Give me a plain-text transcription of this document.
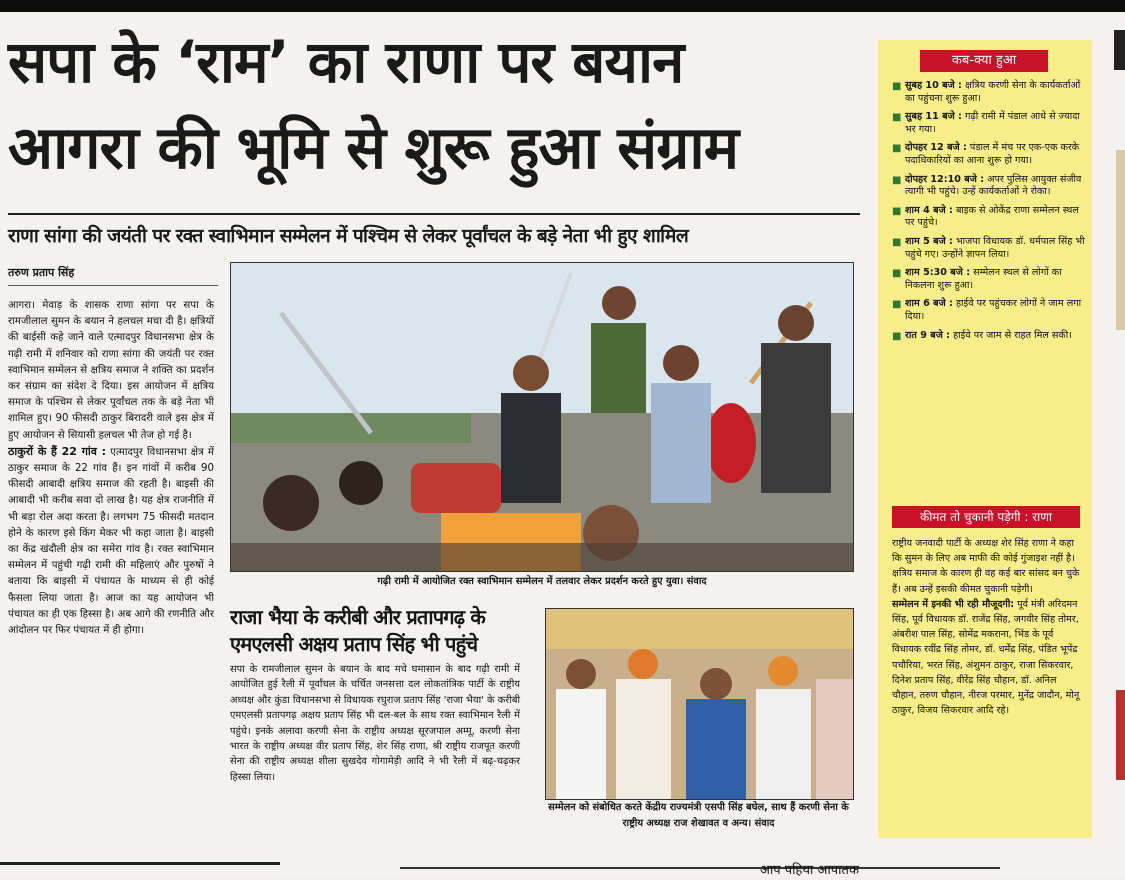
सपा के ‘राम’ का राणा पर बयान
आगरा की भूमि से शुरू हुआ संग्राम
राणा सांगा की जयंती पर रक्त स्वाभिमान सम्मेलन में पश्चिम से लेकर पूर्वांचल के बड़े नेता भी हुए शामिल
तरुण प्रताप सिंह

आगरा। मेवाड़ के शासक राणा सांगा पर सपा के रामजीलाल सुमन के बयान ने हलचल मचा दी है। क्षत्रियों की बाईसी कहे जाने वाले एत्मादपुर विधानसभा क्षेत्र के गढ़ी रामी में शनिवार को राणा सांगा की जयंती पर रक्त स्वाभिमान सम्मेलन से क्षत्रिय समाज ने शक्ति का प्रदर्शन कर संग्राम का संदेश दे दिया। इस आयोजन में क्षत्रिय समाज के पश्चिम से लेकर पूर्वांचल तक के बड़े नेता भी शामिल हुए। 90 फीसदी ठाकुर बिरादरी वाले इस क्षेत्र में हुए आयोजन से सियासी हलचल भी तेज हो गई है।

ठाकुरों के हैं 22 गांव : एत्मादपुर विधानसभा क्षेत्र में ठाकुर समाज के 22 गांव हैं। इन गांवों में करीब 90 फीसदी आबादी क्षत्रिय समाज की रहती है। बाइसी की आबादी भी करीब सवा दो लाख है। यह क्षेत्र राजनीति में भी बड़ा रोल अदा करता है। लगभग 75 फीसदी मतदान होने के कारण इसे किंग मेकर भी कहा जाता है। बाइसी का केंद्र खंदौली क्षेत्र का समेरा गांव है। रक्त स्वाभिमान सम्मेलन में पहुंची गढ़ी रामी की महिलाएं और पुरुषों ने बताया कि बाइसी में पंचायत के माध्यम से ही कोई फैसला लिया जाता है। आज का यह आयोजन भी पंचायत का ही एक हिस्सा है। अब आगे की रणनीति और आंदोलन पर फिर पंचायत में ही होगा।

गढ़ी रामी में आयोजित रक्त स्वाभिमान सम्मेलन में तलवार लेकर प्रदर्शन करते हुए युवा। संवाद
राजा भैया के करीबी और प्रतापगढ़ के एमएलसी अक्षय प्रताप सिंह भी पहुंचे
सपा के रामजीलाल सुमन के बयान के बाद मचे घमासान के बाद गढ़ी रामी में आयोजित हुई रैली में पूर्वांचल के चर्चित जनसत्ता दल लोकतांत्रिक पार्टी के राष्ट्रीय अध्यक्ष और कुंडा विधानसभा से विधायक रघुराज प्रताप सिंह 'राजा भैया' के करीबी एमएलसी प्रतापगढ़ अक्षय प्रताप सिंह भी दल-बल के साथ रक्त स्वाभिमान रैली में पहुंचे। इनके अलावा करणी सेना के राष्ट्रीय अध्यक्ष सूरजपाल अम्मू, करणी सेना भारत के राष्ट्रीय अध्यक्ष वीर प्रताप सिंह, शेर सिंह राणा, श्री राष्ट्रीय राजपूत करणी सेना की राष्ट्रीय अध्यक्ष शीला सुखदेव गोगामेड़ी आदि ने भी रैली में बढ़-चढ़कर हिस्सा लिया।
सम्मेलन को संबोधित करते केंद्रीय राज्यमंत्री एसपी सिंह बघेल, साथ हैं करणी सेना के राष्ट्रीय अध्यक्ष राज शेखावत व अन्य। संवाद
कब-क्या हुआ
■ सुबह 10 बजे : क्षत्रिय करणी सेना के कार्यकर्ताओं का पहुंचना शुरू हुआ।
■ सुबह 11 बजे : गढ़ी रामी में पंडाल आधे से ज्यादा भर गया।
■ दोपहर 12 बजे : पंडाल में मंच पर एक-एक करके पदाधिकारियों का आना शुरू हो गया।
■ दोपहर 12:10 बजे : अपर पुलिस आयुक्त संजीव त्यागी भी पहुंचे। उन्हें कार्यकर्ताओं ने रोका।
■ शाम 4 बजे : बाइक से ओकेंद्र राणा सम्मेलन स्थल पर पहुंचे।
■ शाम 5 बजे : भाजपा विधायक डॉ. धर्मपाल सिंह भी पहुंचे गए। उन्होंने ज्ञापन लिया।
■ शाम 5:30 बजे : सम्मेलन स्थल से लोगों का निकलना शुरू हुआ।
■ शाम 6 बजे : हाईवे पर पहुंचकर लोगों ने जाम लगा दिया।
■ रात 9 बजे : हाईवे पर जाम से राहत मिल सकी।
कीमत तो चुकानी पड़ेगी : राणा

राष्ट्रीय जनवादी पार्टी के अध्यक्ष शेर सिंह राणा ने कहा कि सुमन के लिए अब माफी की कोई गुंजाइश नहीं है। क्षत्रिय समाज के कारण ही वह कई बार सांसद बन चुके हैं। अब उन्हें इसकी कीमत चुकानी पड़ेगी।

सम्मेलन में इनकी भी रही मौजूदगी: पूर्व मंत्री अरिदमन सिंह, पूर्व विधायक डॉ. राजेंद्र सिंह, जगवीर सिंह तोमर, अंबरीश पाल सिंह, सोमेंद्र मकराना, भिंड के पूर्व विधायक रवींद्र सिंह तोमर, डॉ. धर्मेंद्र सिंह, पंडित भूपेंद्र पचौरिया, भरत सिंह, अंशुमन ठाकुर, राजा सिकरवार, दिनेश प्रताप सिंह, वीरेंद्र सिंह चौहान, डॉ. अनिल चौहान, तरुण चौहान, नीरज परमार, मुनेंद्र जादौन, मोनू ठाकुर, विजय सिकरवार आदि रहे।

आप पहिया आपातक
